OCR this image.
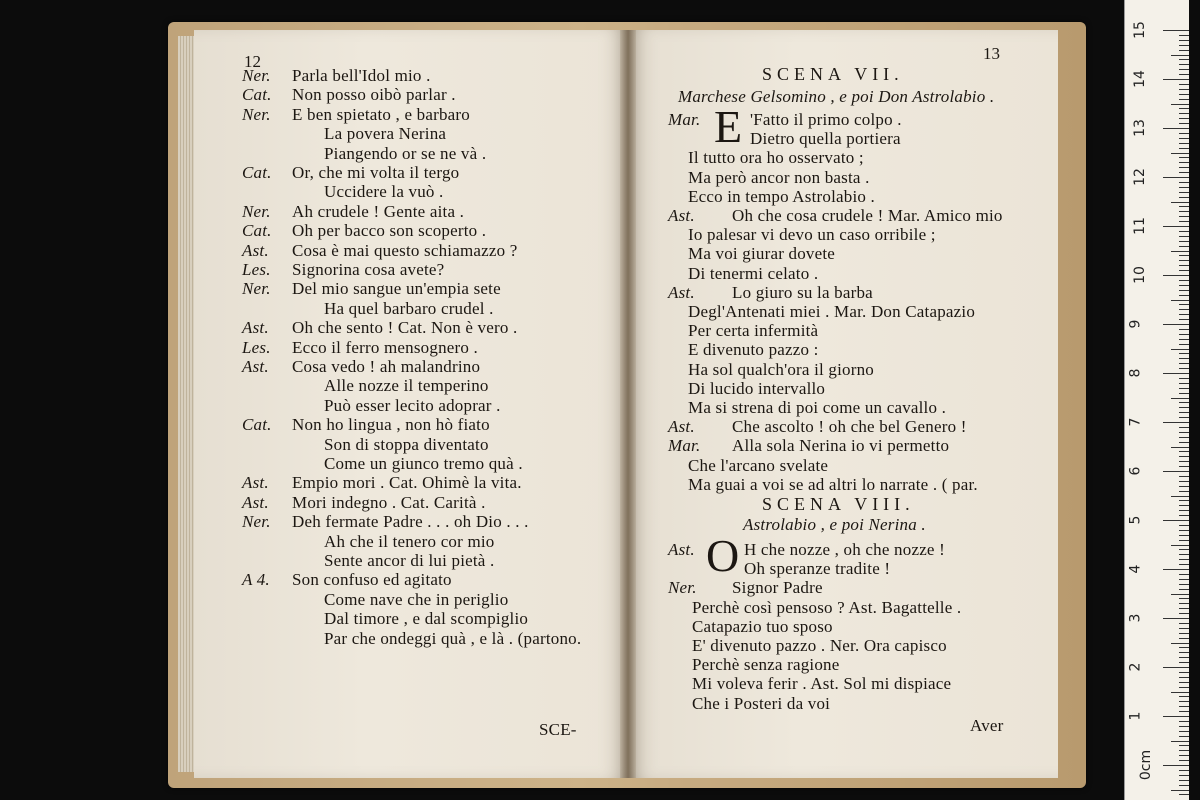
12
Ner. Parla bell'Idol mio .
Cat. Non posso oibò parlar .
Ner. E ben spietato , e barbaro
La povera Nerina
Piangendo or se ne và .
Cat. Or, che mi volta il tergo
Uccidere la vuò .
Ner. Ah crudele ! Gente aita .
Cat. Oh per bacco son scoperto .
Ast. Cosa è mai questo schiamazzo ?
Les. Signorina cosa avete?
Ner. Del mio sangue un'empia sete
Ha quel barbaro crudel .
Ast. Oh che sento ! Cat. Non è vero .
Les. Ecco il ferro mensognero .
Ast. Cosa vedo ! ah malandrino
Alle nozze il temperino
Può esser lecito adoprar .
Cat. Non ho lingua , non hò fiato
Son di stoppa diventato
Come un giunco tremo quà .
Ast. Empio mori . Cat. Ohimè la vita.
Ast. Mori indegno . Cat. Carità .
Ner. Deh fermate Padre . . . oh Dio . . .
Ah che il tenero cor mio
Sente ancor di lui pietà .
A 4. Son confuso ed agitato
Come nave che in periglio
Dal timore , e dal scompiglio
Par che ondeggi quà , e là . (partono.
SCE-
13
SCENA VII.
Marchese Gelsomino , e poi Don Astrolabio .
E
Mar.	'Fatto il primo colpo .
Dietro quella portiera
Il tutto ora ho osservato ;
Ma però ancor non basta .
Ecco in tempo Astrolabio .
Ast. Oh che cosa crudele ! Mar. Amico mio
Io palesar vi devo un caso orribile ;
Ma voi giurar dovete
Di tenermi celato .
Ast. Lo giuro su la barba
Degl'Antenati miei . Mar. Don Catapazio
Per certa infermità
E divenuto pazzo :
Ha sol qualch'ora il giorno
Di lucido intervallo
Ma si strena di poi come un cavallo .
Ast. Che ascolto ! oh che bel Genero !
Mar. Alla sola Nerina io vi permetto
Che l'arcano svelate
Ma guai a voi se ad altri lo narrate . ( par.
SCENA VIII.
Astrolabio , e poi Nerina .
O
Ast.	H che nozze , oh che nozze !
Oh speranze tradite !
Ner. Signor Padre
Perchè così pensoso ? Ast. Bagattelle .
Catapazio tuo sposo
E' divenuto pazzo . Ner. Ora capisco
Perchè senza ragione
Mi voleva ferir . Ast. Sol mi dispiace
Che i Posteri da voi
Aver
15
14
13
12
11
10
9
8
7
6
5
4
3
2
1
0cm
